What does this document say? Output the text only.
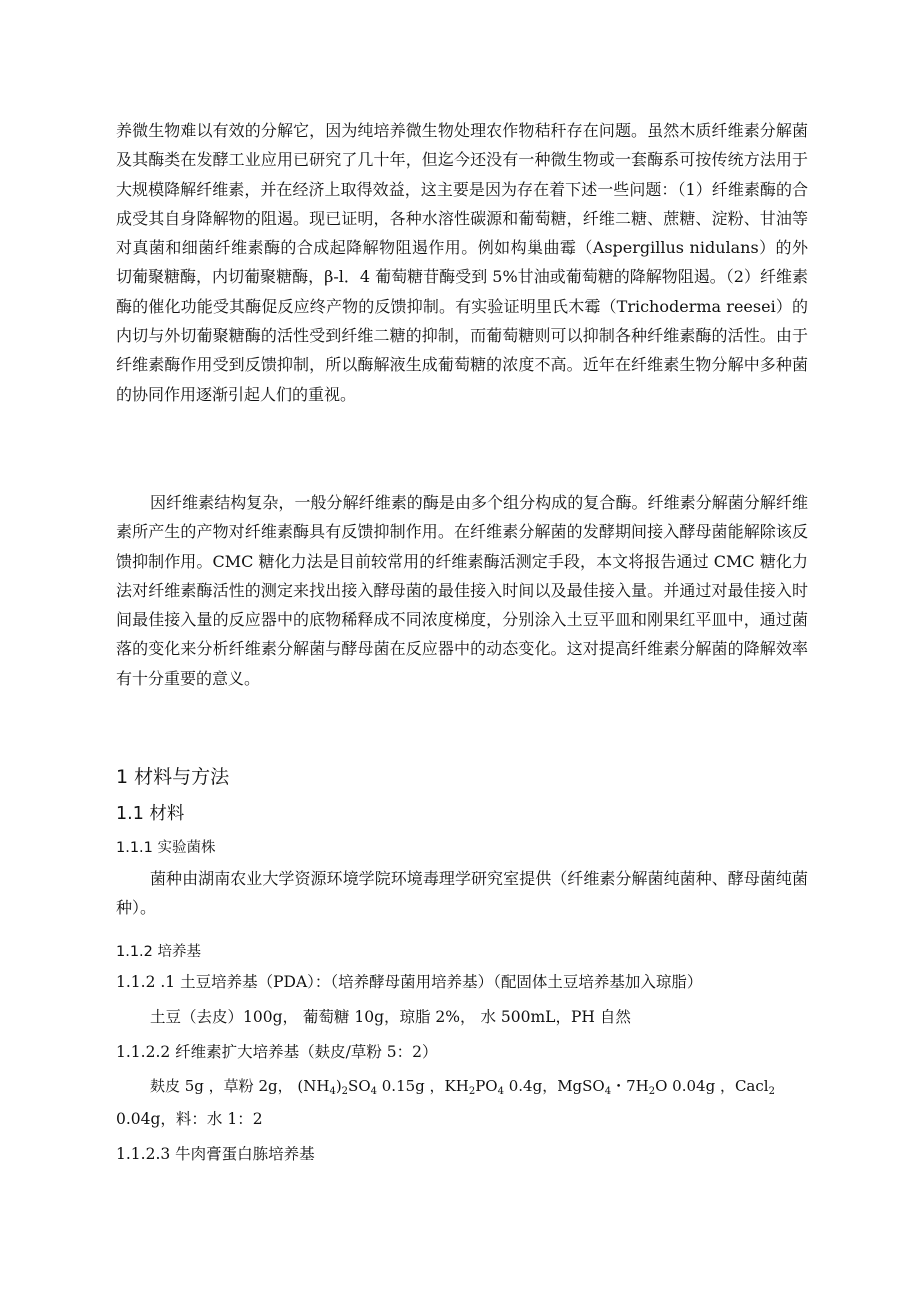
养微生物难以有效的分解它，因为纯培养微生物处理农作物秸秆存在问题。虽然木质纤维素分解菌及其酶类在发酵工业应用已研究了几十年，但迄今还没有一种微生物或一套酶系可按传统方法用于大规模降解纤维素，并在经济上取得效益，这主要是因为存在着下述一些问题：（1）纤维素酶的合成受其自身降解物的阻遏。现已证明，各种水溶性碳源和葡萄糖，纤维二糖、蔗糖、淀粉、甘油等对真菌和细菌纤维素酶的合成起降解物阻遏作用。例如构巢曲霉（Aspergillus nidulans）的外切葡聚糖酶，内切葡聚糖酶，β-l．4 葡萄糖苷酶受到 5%甘油或葡萄糖的降解物阻遏。（2）纤维素酶的催化功能受其酶促反应终产物的反馈抑制。有实验证明里氏木霉（Trichoderma reesei）的内切与外切葡聚糖酶的活性受到纤维二糖的抑制，而葡萄糖则可以抑制各种纤维素酶的活性。由于纤维素酶作用受到反馈抑制，所以酶解液生成葡萄糖的浓度不高。近年在纤维素生物分解中多种菌的协同作用逐渐引起人们的重视。

因纤维素结构复杂，一般分解纤维素的酶是由多个组分构成的复合酶。纤维素分解菌分解纤维素所产生的产物对纤维素酶具有反馈抑制作用。在纤维素分解菌的发酵期间接入酵母菌能解除该反馈抑制作用。CMC 糖化力法是目前较常用的纤维素酶活测定手段，本文将报告通过 CMC 糖化力法对纤维素酶活性的测定来找出接入酵母菌的最佳接入时间以及最佳接入量。并通过对最佳接入时间最佳接入量的反应器中的底物稀释成不同浓度梯度，分别涂入土豆平皿和刚果红平皿中，通过菌落的变化来分析纤维素分解菌与酵母菌在反应器中的动态变化。这对提高纤维素分解菌的降解效率有十分重要的意义。

1 材料与方法
1.1 材料
1.1.1 实验菌株

菌种由湖南农业大学资源环境学院环境毒理学研究室提供（纤维素分解菌纯菌种、酵母菌纯菌种）。

1.1.2 培养基
1.1.2 .1 土豆培养基（PDA）：（培养酵母菌用培养基）（配固体土豆培养基加入琼脂）
土豆（去皮）100g， 葡萄糖 10g，琼脂 2%， 水 500mL，PH 自然
1.1.2.2 纤维素扩大培养基（麸皮/草粉 5：2）
麸皮 5g ，草粉 2g， $(NH_4)_2SO_4$ 0.15g ，$KH_2PO_4$ 0.4g，MgSO$_4$・$7H_2O$ 0.04g ，Cacl$_2$
0.04g，料：水 1：2
1.1.2.3 牛肉膏蛋白胨培养基
